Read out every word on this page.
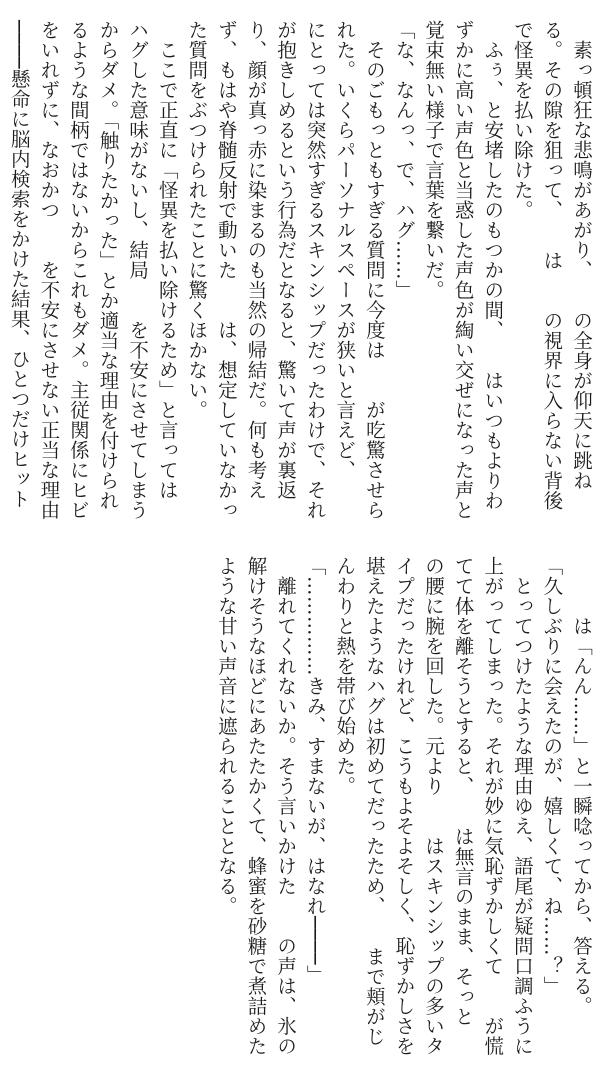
　素っ頓狂な悲鳴があがり、　　の全身が仰天に跳ねる。その隙を狙って、　　は　　の視界に入らない背後で怪異を払い除けた。

　ふぅ、と安堵したのもつかの間、　　はいつもよりわずかに高い声色と当惑した声色が綯い交ぜになった声と覚束無い様子で言葉を繋いだ。

「な、なんっ、で、ハグ……」

　そのごもっともすぎる質問に今度は　　が吃驚させられた。いくらパーソナルスペースが狭いと言えど、　　にとっては突然すぎるスキンシップだったわけで、それが抱きしめるという行為だとなると、驚いて声が裏返り、顔が真っ赤に染まるのも当然の帰結だ。何も考えず、もはや脊髄反射で動いた　　は、想定していなかった質問をぶつけられたことに驚くほかない。

　ここで正直に「怪異を払い除けるため」と言っては　ハグした意味がないし、結局　　を不安にさせてしまうからダメ。「触りたかった」とか適当な理由を付けられるような間柄ではないからこれもダメ。主従関係にヒビをいれずに、なおかつ　　を不安にさせない正当な理由────懸命に脳内検索をかけた結果、ひとつだけヒット

　　　は「んん……」と一瞬唸ってから、答える。

「久しぶりに会えたのが、嬉しくて、ね……？」

　とってつけたような理由ゆえ、語尾が疑問口調ふうに上がってしまった。それが妙に気恥ずかしくて　　が慌てて体を離そうとすると、　　は無言のまま、そっと　　の腰に腕を回した。元より　　はスキンシップの多いタイプだったけれど、こうもよそよそしく、恥ずかしさを堪えたようなハグは初めてだったため、　　まで頬がじんわりと熱を帯び始めた。

「……………きみ、すまないが、はなれ────」

　離れてくれないか。そう言いかけた　　の声は、氷の解けそうなほどにあたたかくて、蜂蜜を砂糖で煮詰めたような甘い声音に遮られることとなる。
